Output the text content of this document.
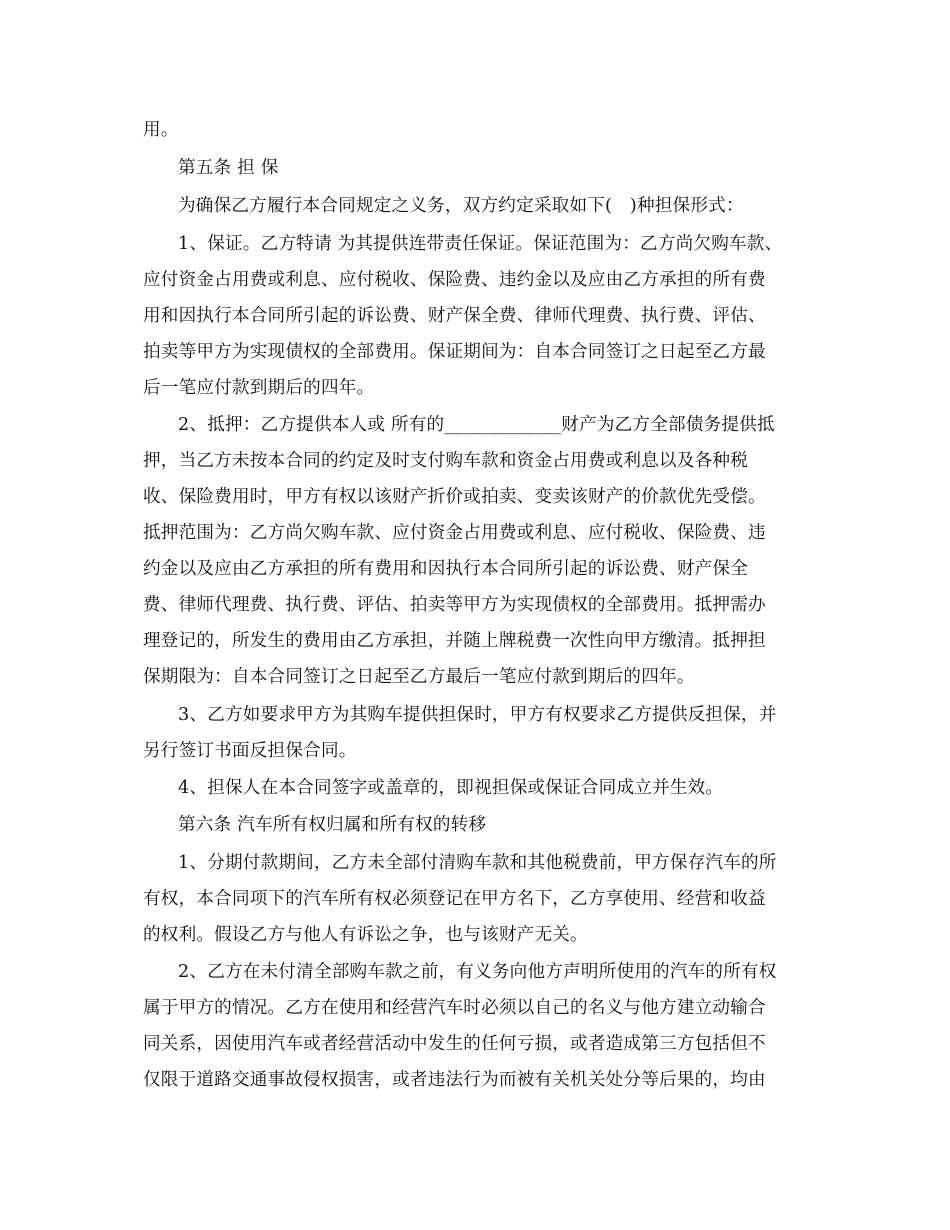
用。
第五条 担 保
为确保乙方履行本合同规定之义务，双方约定采取如下(　)种担保形式：
1、保证。乙方特请 为其提供连带责任保证。保证范围为：乙方尚欠购车款、
应付资金占用费或利息、应付税收、保险费、违约金以及应由乙方承担的所有费
用和因执行本合同所引起的诉讼费、财产保全费、律师代理费、执行费、评估、
拍卖等甲方为实现债权的全部费用。保证期间为：自本合同签订之日起至乙方最
后一笔应付款到期后的四年。
2、抵押：乙方提供本人或 所有的_____________财产为乙方全部债务提供抵
押，当乙方未按本合同的约定及时支付购车款和资金占用费或利息以及各种税
收、保险费用时，甲方有权以该财产折价或拍卖、变卖该财产的价款优先受偿。
抵押范围为：乙方尚欠购车款、应付资金占用费或利息、应付税收、保险费、违
约金以及应由乙方承担的所有费用和因执行本合同所引起的诉讼费、财产保全
费、律师代理费、执行费、评估、拍卖等甲方为实现债权的全部费用。抵押需办
理登记的，所发生的费用由乙方承担，并随上牌税费一次性向甲方缴清。抵押担
保期限为：自本合同签订之日起至乙方最后一笔应付款到期后的四年。
3、乙方如要求甲方为其购车提供担保时，甲方有权要求乙方提供反担保，并
另行签订书面反担保合同。
4、担保人在本合同签字或盖章的，即视担保或保证合同成立并生效。
第六条 汽车所有权归属和所有权的转移
1、分期付款期间，乙方未全部付清购车款和其他税费前，甲方保存汽车的所
有权，本合同项下的汽车所有权必须登记在甲方名下，乙方享使用、经营和收益
的权利。假设乙方与他人有诉讼之争，也与该财产无关。
2、乙方在未付清全部购车款之前，有义务向他方声明所使用的汽车的所有权
属于甲方的情况。乙方在使用和经营汽车时必须以自己的名义与他方建立动输合
同关系，因使用汽车或者经营活动中发生的任何亏损，或者造成第三方包括但不
仅限于道路交通事故侵权损害，或者违法行为而被有关机关处分等后果的，均由
